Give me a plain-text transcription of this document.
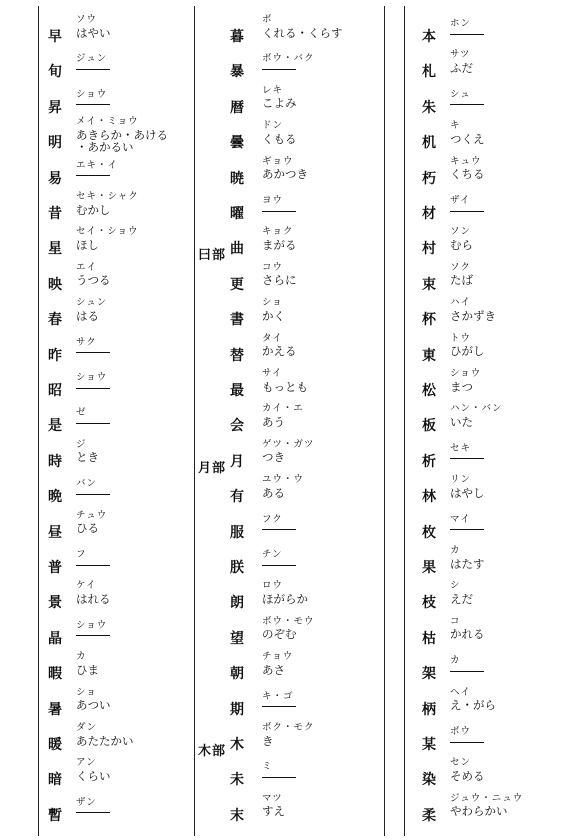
早
ソウ
はやい
旬
ジュン
昇
ショウ
明
メイ・ミョウ
あきらか・あける
・あかるい
易
エキ・イ
昔
セキ・シャク
むかし
星
セイ・ショウ
ほし
映
エイ
うつる
春
シュン
はる
昨
サク
昭
ショウ
是
ゼ
時
ジ
とき
晩
バン
昼
チュウ
ひる
普
フ
景
ケイ
はれる
晶
ショウ
暇
カ
ひま
暑
ショ
あつい
暖
ダン
あたたかい
暗
アン
くらい
暫
ザン
暮
ボ
くれる・くらす
暴
ボウ・バク
暦
レキ
こよみ
曇
ドン
くもる
暁
ギョウ
あかつき
曜
ヨウ
曰部 曲
キョク
まがる
更
コウ
さらに
書
ショ
かく
替
タイ
かえる
最
サイ
もっとも
会
カイ・エ
あう
月部 月
ゲツ・ガツ
つき
有
ユウ・ウ
ある
服
フク
朕
チン
朗
ロウ
ほがらか
望
ボウ・モウ
のぞむ
朝
チョウ
あさ
期
キ・ゴ
木部 木
ボク・モク
き
未
ミ
末
マツ
すえ
本
ホン
札
サツ
ふだ
朱
シュ
机
キ
つくえ
朽
キュウ
くちる
材
ザイ
村
ソン
むら
束
ソク
たば
杯
ハイ
さかずき
東
トウ
ひがし
松
ショウ
まつ
板
ハン・バン
いた
析
セキ
林
リン
はやし
枚
マイ
果
カ
はたす
枝
シ
えだ
枯
コ
かれる
架
カ
柄
ヘイ
え・がら
某
ボウ
染
セン
そめる
柔
ジュウ・ニュウ
やわらかい
